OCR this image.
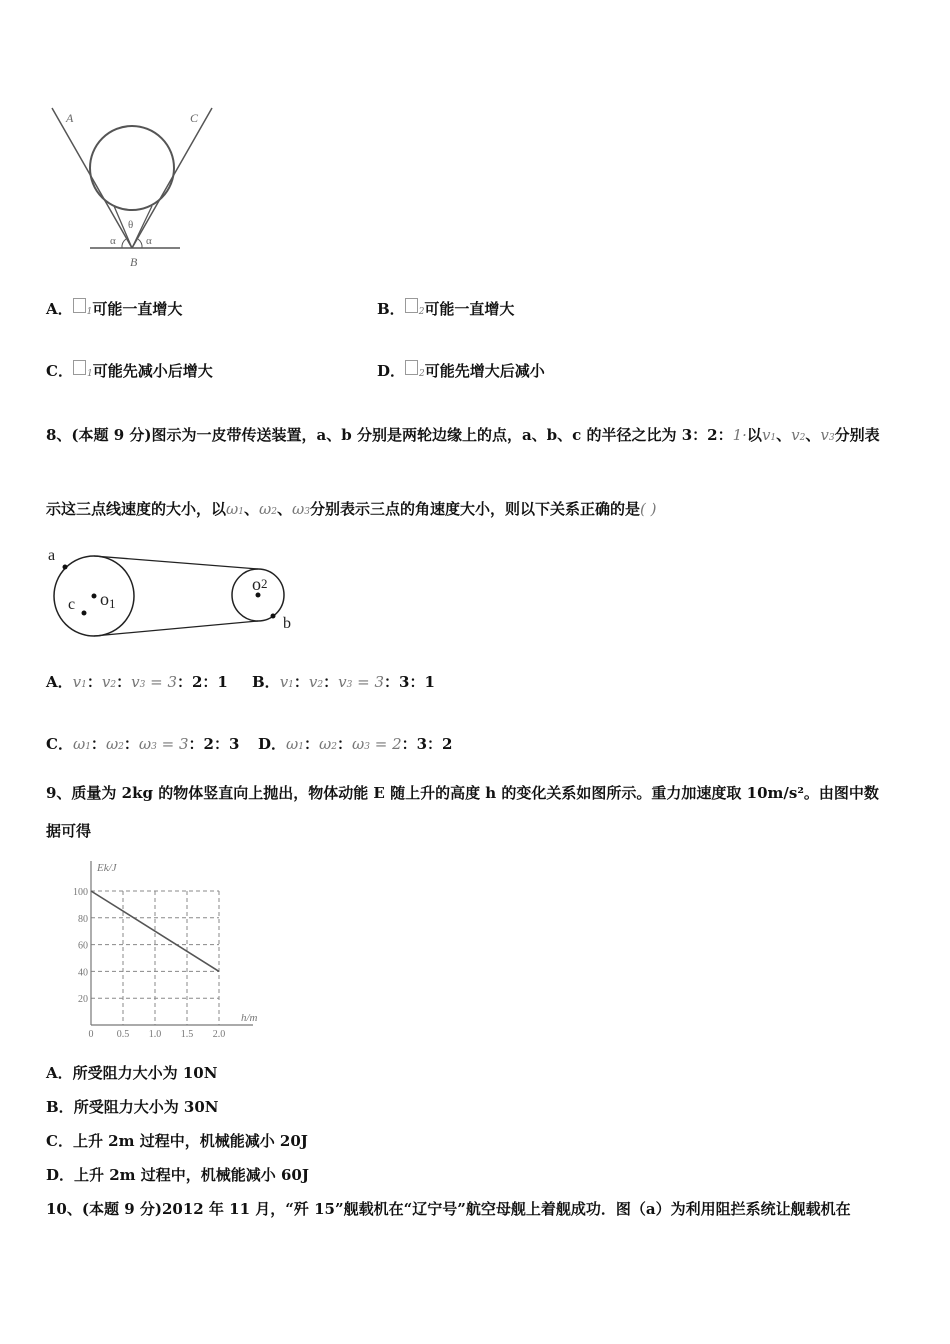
A	C
θ
α	α
B
A． 1可能一直增大	B． 2可能一直增大
C． 1可能先减小后增大	D． 2可能先增大后减小
8、(本题 9 分)图示为一皮带传送装置，a、b 分别是两轮边缘上的点，a、b、c 的半径之比为 3：2：1·以v1、v2、v3分别表
示这三点线速度的大小，以ω1、ω2、ω3分别表示三点的角速度大小，则以下关系正确的是( )
a
c o1
o2
b
A．v1：v2：v3 = 3：2：1 B．v1：v2：v3 = 3：3：1
C．ω1：ω2：ω3 = 3：2：3 D．ω1：ω2：ω3 = 2：3：2
9、质量为 2kg 的物体竖直向上抛出，物体动能 E 随上升的高度 h 的变化关系如图所示。重力加速度取 10m/s²。由图中数
据可得
20
40
60
80
100
0 0.5 1.0 1.5 2.0
Ek/J
h/m
A．所受阻力大小为 10N
B．所受阻力大小为 30N
C．上升 2m 过程中，机械能减小 20J
D．上升 2m 过程中，机械能减小 60J
10、(本题 9 分)2012 年 11 月，“歼 15”舰载机在“辽宁号”航空母舰上着舰成功．图（a）为利用阻拦系统让舰载机在
